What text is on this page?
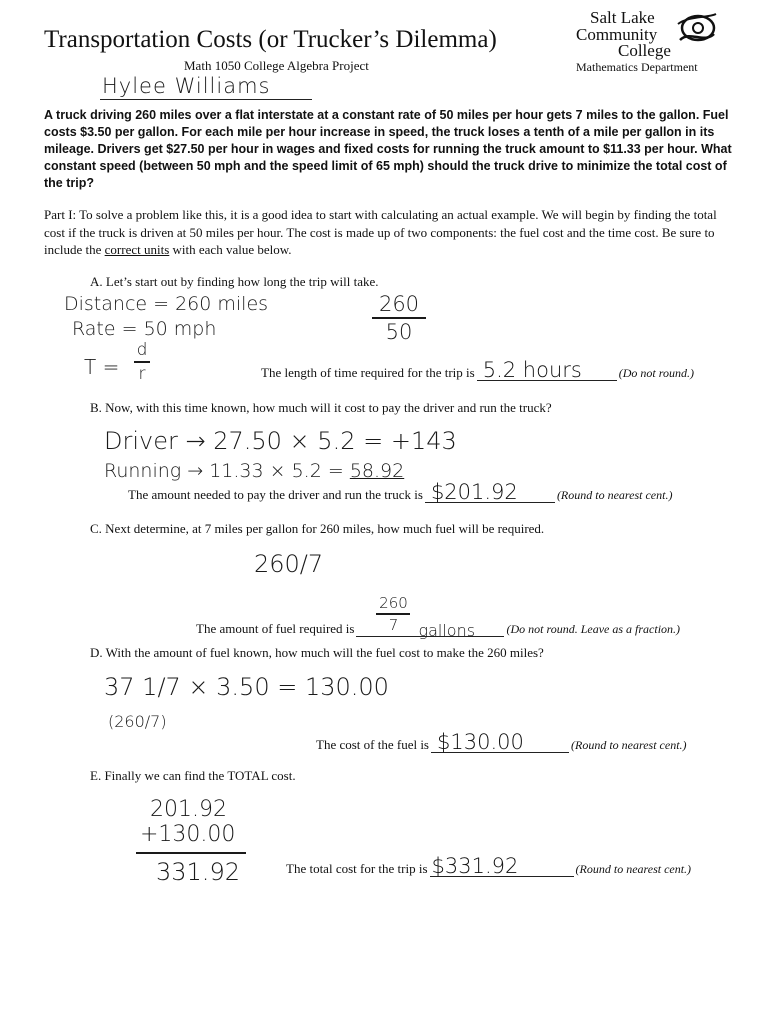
Transportation Costs (or Trucker’s Dilemma)
Math 1050 College Algebra Project
Salt Lake
Community
College
Mathematics Department
Hylee Williams
A truck driving 260 miles over a flat interstate at a constant rate of 50 miles per hour gets 7 miles to the gallon. Fuel costs $3.50 per gallon. For each mile per hour increase in speed, the truck loses a tenth of a mile per gallon in its mileage. Drivers get $27.50 per hour in wages and fixed costs for running the truck amount to $11.33 per hour. What constant speed (between 50 mph and the speed limit of 65 mph) should the truck drive to minimize the total cost of the trip?
Part I: To solve a problem like this, it is a good idea to start with calculating an actual example. We will begin by finding the total cost if the truck is driven at 50 miles per hour. The cost is made up of two components: the fuel cost and the time cost. Be sure to include the correct units with each value below.
A. Let’s start out by finding how long the trip will take.
Distance = 260 miles
Rate = 50 mph
T =
d
r
260
50
The length of time required for the trip is 5.2 hours	(Do not round.)
B. Now, with this time known, how much will it cost to pay the driver and run the truck?
Driver → 27.50 × 5.2 = +143
Running → 11.33 × 5.2 = 58.92
The amount needed to pay the driver and run the truck is $201.92	(Round to nearest cent.)
C. Next determine, at 7 miles per gallon for 260 miles, how much fuel will be required.
260/7
The amount of fuel required is
260
7	gallons	(Do not round. Leave as a fraction.)
D. With the amount of fuel known, how much will the fuel cost to make the 260 miles?
37 1/7 × 3.50 = 130.00
(260/7)
The cost of the fuel is $130.00	(Round to nearest cent.)
E. Finally we can find the TOTAL cost.
201.92
+130.00
331.92	The total cost for the trip is $331.92	(Round to nearest cent.)
